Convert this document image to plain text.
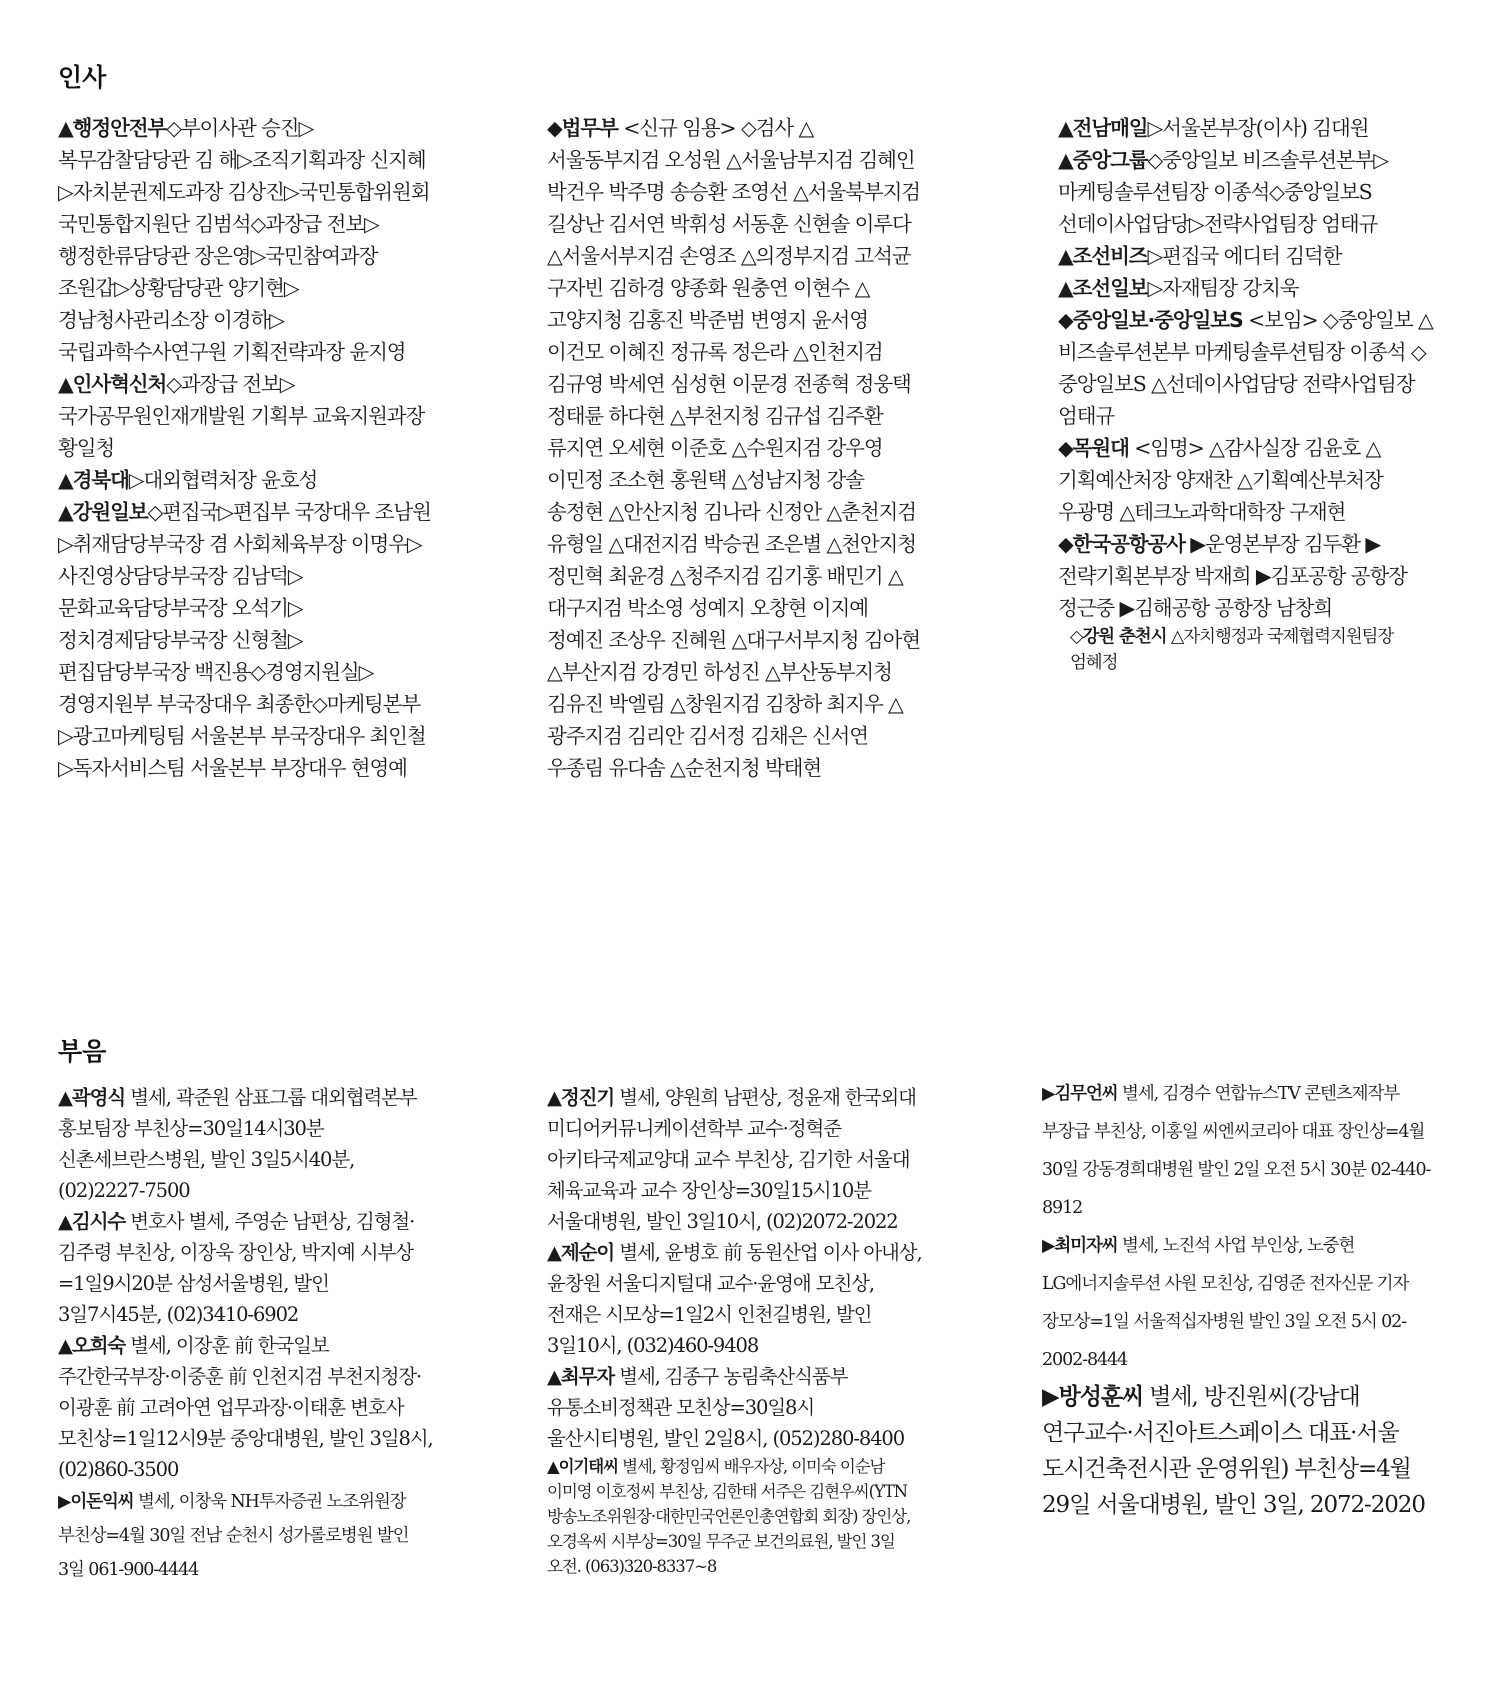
인사

▲행정안전부◇부이사관 승진▷복무감찰담당관 김 해▷조직기획과장 신지혜▷자치분권제도과장 김상진▷국민통합위원회 국민통합지원단 김범석◇과장급 전보▷행정한류담당관 장은영▷국민참여과장 조원갑▷상황담당관 양기현▷경남청사관리소장 이경하▷국립과학수사연구원 기획전략과장 윤지영

▲인사혁신처◇과장급 전보▷국가공무원인재개발원 기획부 교육지원과장 황일청

▲경북대▷대외협력처장 윤호성

▲강원일보◇편집국▷편집부 국장대우 조남원▷취재담당부국장 겸 사회체육부장 이명우▷사진영상담당부국장 김남덕▷문화교육담당부국장 오석기▷정치경제담당부국장 신형철▷편집담당부국장 백진용◇경영지원실▷경영지원부 부국장대우 최종한◇마케팅본부▷광고마케팅팀 서울본부 부국장대우 최인철▷독자서비스팀 서울본부 부장대우 현영예

◆법무부 <신규 임용> ◇검사 △서울동부지검 오성원 △서울남부지검 김혜인 박건우 박주명 송승환 조영선 △서울북부지검 길상난 김서연 박휘성 서동훈 신현솔 이루다 △서울서부지검 손영조 △의정부지검 고석균 구자빈 김하경 양종화 원충연 이현수 △고양지청 김홍진 박준범 변영지 윤서영 이건모 이혜진 정규록 정은라 △인천지검 김규영 박세연 심성현 이문경 전종혁 정웅택 정태륜 하다현 △부천지청 김규섭 김주환 류지연 오세현 이준호 △수원지검 강우영 이민정 조소현 홍원택 △성남지청 강솔 송정현 △안산지청 김나라 신정안 △춘천지검 유형일 △대전지검 박승권 조은별 △천안지청 정민혁 최윤경 △청주지검 김기홍 배민기 △대구지검 박소영 성예지 오창현 이지예 정예진 조상우 진혜원 △대구서부지청 김아현 △부산지검 강경민 하성진 △부산동부지청 김유진 박엘림 △창원지검 김창하 최지우 △광주지검 김리안 김서정 김채은 신서연 우종림 유다솜 △순천지청 박태현

▲전남매일▷서울본부장(이사) 김대원

▲중앙그룹◇중앙일보 비즈솔루션본부▷마케팅솔루션팀장 이종석◇중앙일보S 선데이사업담당▷전략사업팀장 엄태규

▲조선비즈▷편집국 에디터 김덕한

▲조선일보▷자재팀장 강치욱

◆중앙일보·중앙일보S <보임> ◇중앙일보 △비즈솔루션본부 마케팅솔루션팀장 이종석 ◇중앙일보S △선데이사업담당 전략사업팀장 엄태규

◆목원대 <임명> △감사실장 김윤호 △기획예산처장 양재찬 △기획예산부처장 우광명 △테크노과학대학장 구재현

◆한국공항공사 ▶운영본부장 김두환 ▶전략기획본부장 박재희 ▶김포공항 공항장 정근중 ▶김해공항 공항장 남창희

◇강원 춘천시 △자치행정과 국제협력지원팀장 엄혜정

부음

▲곽영식 별세, 곽준원 삼표그룹 대외협력본부 홍보팀장 부친상=30일14시30분 신촌세브란스병원, 발인 3일5시40분, (02)2227-7500

▲김시수 변호사 별세, 주영순 남편상, 김형철·김주령 부친상, 이장욱 장인상, 박지예 시부상=1일9시20분 삼성서울병원, 발인 3일7시45분, (02)3410-6902

▲오희숙 별세, 이장훈 前 한국일보 주간한국부장·이중훈 前 인천지검 부천지청장·이광훈 前 고려아연 업무과장·이태훈 변호사 모친상=1일12시9분 중앙대병원, 발인 3일8시, (02)860-3500

▶이돈익씨 별세, 이창욱 NH투자증권 노조위원장 부친상=4월 30일 전남 순천시 성가롤로병원 발인 3일 061-900-4444

▲정진기 별세, 양원희 남편상, 정윤재 한국외대 미디어커뮤니케이션학부 교수·정혁준 아키타국제교양대 교수 부친상, 김기한 서울대 체육교육과 교수 장인상=30일15시10분 서울대병원, 발인 3일10시, (02)2072-2022

▲제순이 별세, 윤병호 前 동원산업 이사 아내상, 윤창원 서울디지털대 교수·윤영애 모친상, 전재은 시모상=1일2시 인천길병원, 발인 3일10시, (032)460-9408

▲최무자 별세, 김종구 농림축산식품부 유통소비정책관 모친상=30일8시 울산시티병원, 발인 2일8시, (052)280-8400

▲이기태씨 별세, 황정임씨 배우자상, 이미숙 이순남 이미영 이호정씨 부친상, 김한태 서주은 김현우씨(YTN 방송노조위원장·대한민국언론인총연합회 회장) 장인상, 오경옥씨 시부상=30일 무주군 보건의료원, 발인 3일 오전. (063)320-8337∼8

▶김무언씨 별세, 김경수 연합뉴스TV 콘텐츠제작부 부장급 부친상, 이홍일 씨엔씨코리아 대표 장인상=4월 30일 강동경희대병원 발인 2일 오전 5시 30분 02-440-8912

▶최미자씨 별세, 노진석 사업 부인상, 노중현 LG에너지솔루션 사원 모친상, 김영준 전자신문 기자 장모상=1일 서울적십자병원 발인 3일 오전 5시 02-2002-8444

▶방성훈씨 별세, 방진원씨(강남대 연구교수·서진아트스페이스 대표·서울 도시건축전시관 운영위원) 부친상=4월 29일 서울대병원, 발인 3일, 2072-2020
